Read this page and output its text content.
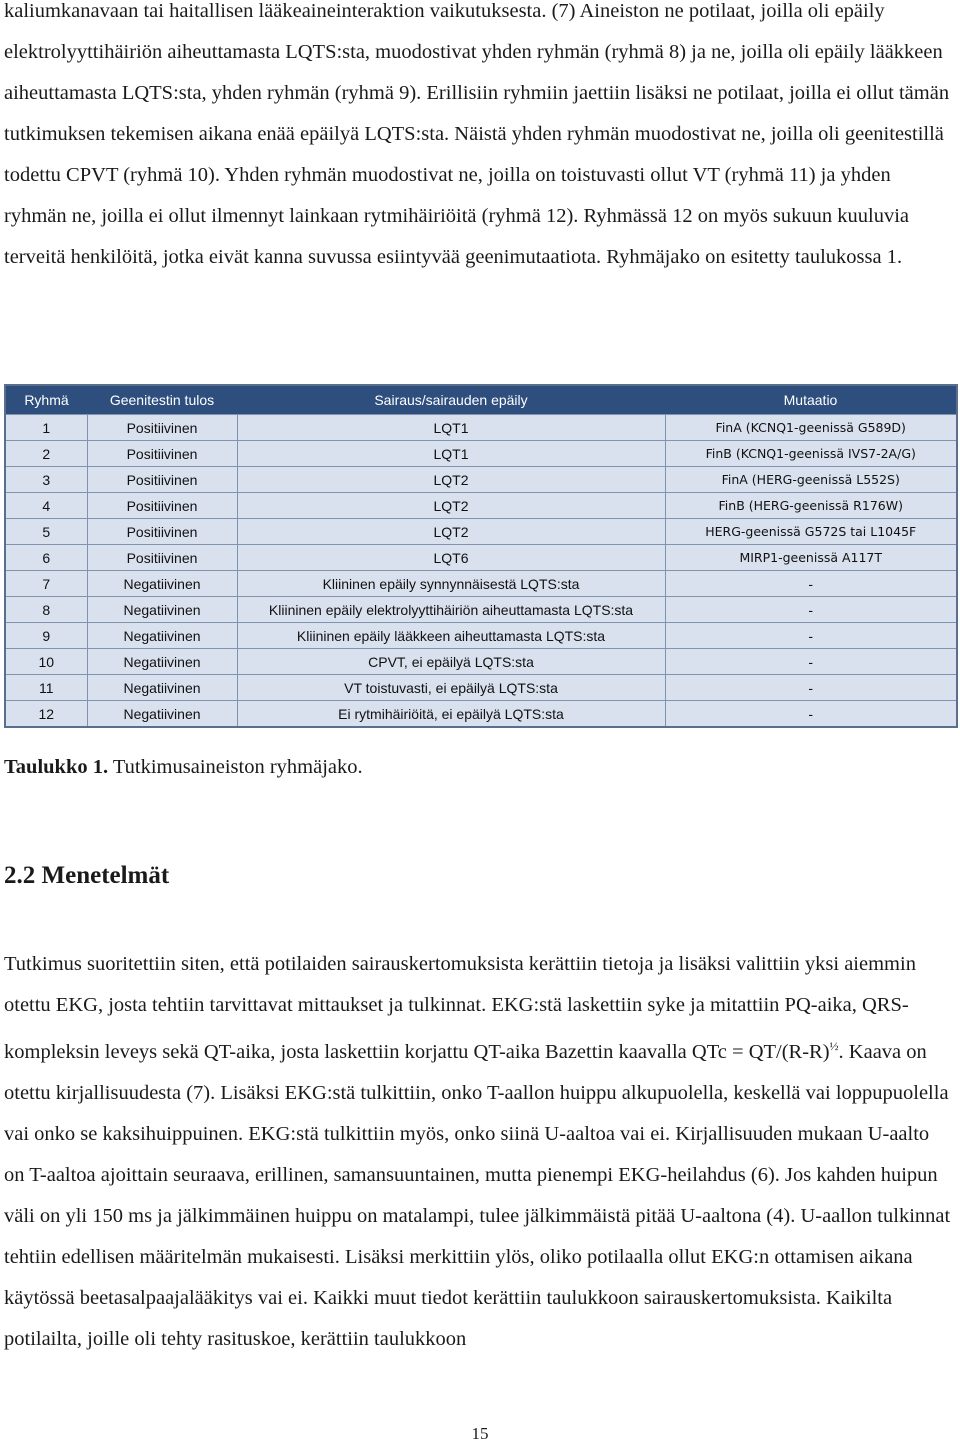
kaliumkanavaan tai haitallisen lääkeaineinteraktion vaikutuksesta. (7) Aineiston ne potilaat, joilla oli epäily elektrolyyttihäiriön aiheuttamasta LQTS:sta, muodostivat yhden ryhmän (ryhmä 8) ja ne, joilla oli epäily lääkkeen aiheuttamasta LQTS:sta, yhden ryhmän (ryhmä 9). Erillisiin ryhmiin jaettiin lisäksi ne potilaat, joilla ei ollut tämän tutkimuksen tekemisen aikana enää epäilyä LQTS:sta. Näistä yhden ryhmän muodostivat ne, joilla oli geenitestillä todettu CPVT (ryhmä 10). Yhden ryhmän muodostivat ne, joilla on toistuvasti ollut VT (ryhmä 11) ja yhden ryhmän ne, joilla ei ollut ilmennyt lainkaan rytmihäiriöitä (ryhmä 12). Ryhmässä 12 on myös sukuun kuuluvia terveitä henkilöitä, jotka eivät kanna suvussa esiintyvää geenimutaatiota. Ryhmäjako on esitetty taulukossa 1.

Ryhmä	Geenitestin tulos	Sairaus/sairauden epäily	Mutaatio
1	Positiivinen	LQT1	FinA (KCNQ1-geenissä G589D)
2	Positiivinen	LQT1	FinB (KCNQ1-geenissä IVS7-2A/G)
3	Positiivinen	LQT2	FinA (HERG-geenissä L552S)
4	Positiivinen	LQT2	FinB (HERG-geenissä R176W)
5	Positiivinen	LQT2	HERG-geenissä G572S tai L1045F
6	Positiivinen	LQT6	MIRP1-geenissä A117T
7	Negatiivinen	Kliininen epäily synnynnäisestä LQTS:sta	-
8	Negatiivinen	Kliininen epäily elektrolyyttihäiriön aiheuttamasta LQTS:sta	-
9	Negatiivinen	Kliininen epäily lääkkeen aiheuttamasta LQTS:sta	-
10	Negatiivinen	CPVT, ei epäilyä LQTS:sta	-
11	Negatiivinen	VT toistuvasti, ei epäilyä LQTS:sta	-
12	Negatiivinen	Ei rytmihäiriöitä, ei epäilyä LQTS:sta	-

Taulukko 1. Tutkimusaineiston ryhmäjako.

2.2 Menetelmät

Tutkimus suoritettiin siten, että potilaiden sairauskertomuksista kerättiin tietoja ja lisäksi valittiin yksi aiemmin otettu EKG, josta tehtiin tarvittavat mittaukset ja tulkinnat. EKG:stä laskettiin syke ja mitattiin PQ-aika, QRS-kompleksin leveys sekä QT-aika, josta laskettiin korjattu QT-aika Bazettin kaavalla QTc = $QT/(R-R)^{\frac{1}{2}}$. Kaava on otettu kirjallisuudesta (7). Lisäksi EKG:stä tulkittiin, onko T-aallon huippu alkupuolella, keskellä vai loppupuolella vai onko se kaksihuippuinen. EKG:stä tulkittiin myös, onko siinä U-aaltoa vai ei. Kirjallisuuden mukaan U-aalto on T-aaltoa ajoittain seuraava, erillinen, samansuuntainen, mutta pienempi EKG-heilahdus (6). Jos kahden huipun väli on yli 150 ms ja jälkimmäinen huippu on matalampi, tulee jälkimmäistä pitää U-aaltona (4). U-aallon tulkinnat tehtiin edellisen määritelmän mukaisesti. Lisäksi merkittiin ylös, oliko potilaalla ollut EKG:n ottamisen aikana käytössä beetasalpaajalääkitys vai ei. Kaikki muut tiedot kerättiin taulukkoon sairauskertomuksista. Kaikilta potilailta, joille oli tehty rasituskoe, kerättiin taulukkoon

15
